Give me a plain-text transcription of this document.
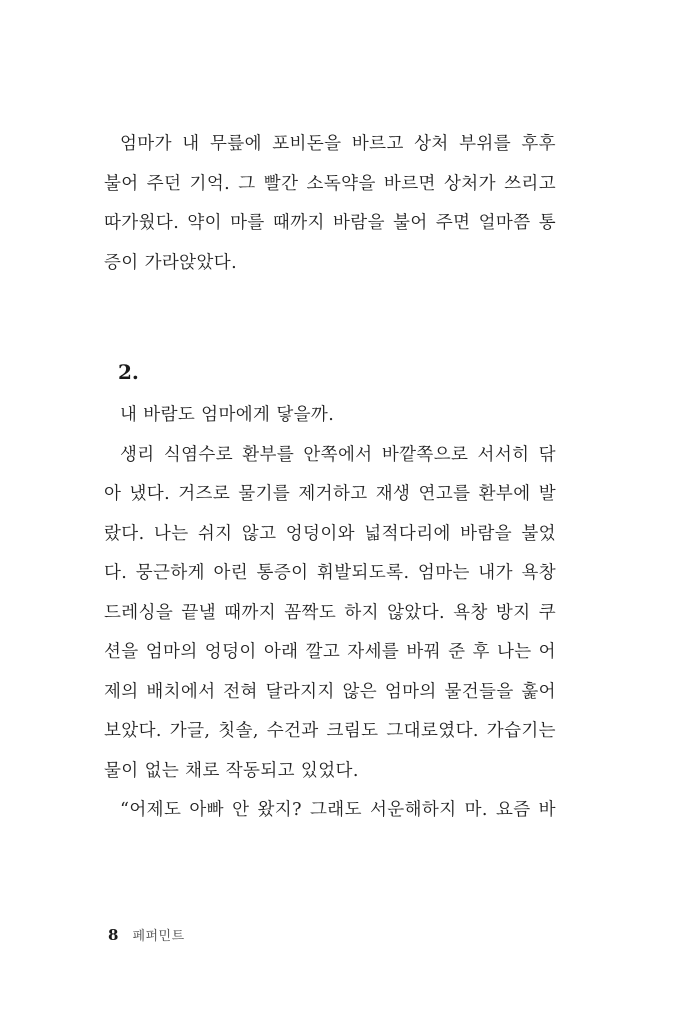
엄마가 내 무릎에 포비돈을 바르고 상처 부위를 후후
불어 주던 기억. 그 빨간 소독약을 바르면 상처가 쓰리고
따가웠다. 약이 마를 때까지 바람을 불어 주면 얼마쯤 통
증이 가라앉았다.
2.
내 바람도 엄마에게 닿을까.
생리 식염수로 환부를 안쪽에서 바깥쪽으로 서서히 닦
아 냈다. 거즈로 물기를 제거하고 재생 연고를 환부에 발
랐다. 나는 쉬지 않고 엉덩이와 넓적다리에 바람을 불었
다. 뭉근하게 아린 통증이 휘발되도록. 엄마는 내가 욕창
드레싱을 끝낼 때까지 꼼짝도 하지 않았다. 욕창 방지 쿠
션을 엄마의 엉덩이 아래 깔고 자세를 바꿔 준 후 나는 어
제의 배치에서 전혀 달라지지 않은 엄마의 물건들을 훑어
보았다. 가글, 칫솔, 수건과 크림도 그대로였다. 가습기는
물이 없는 채로 작동되고 있었다.
“어제도 아빠 안 왔지? 그래도 서운해하지 마. 요즘 바
8 페퍼민트
